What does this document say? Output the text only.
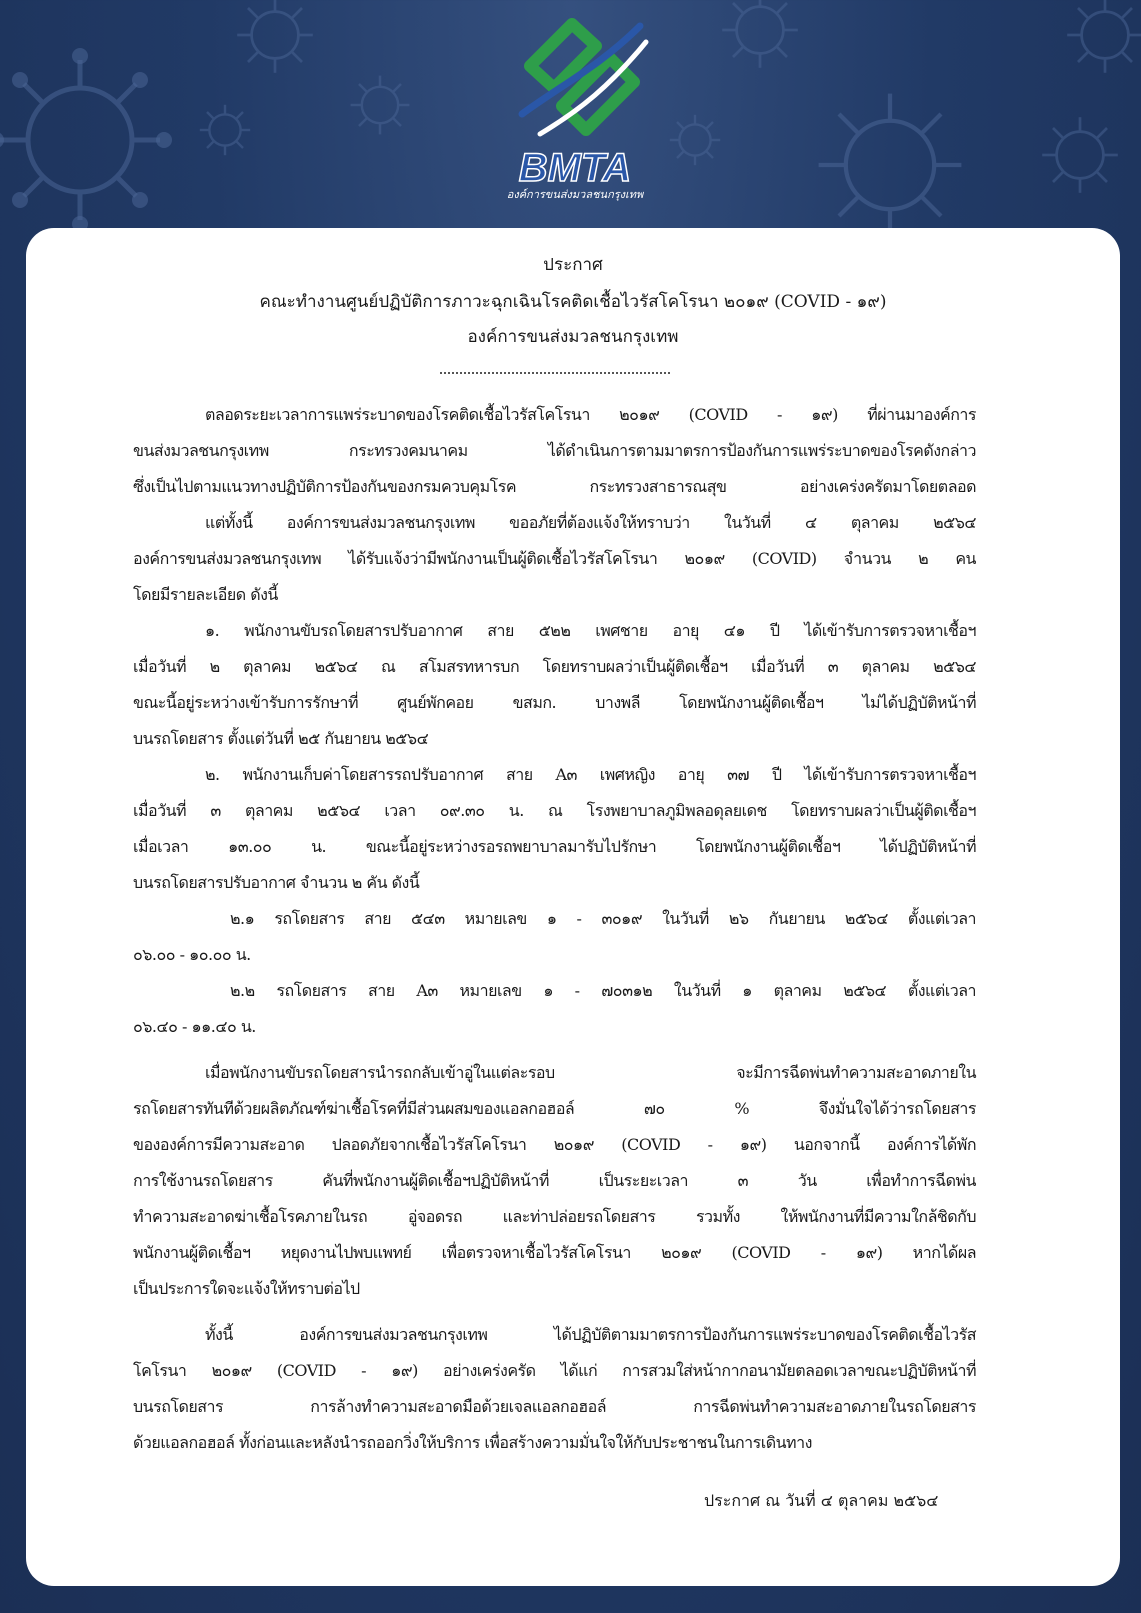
BMTA
องค์การขนส่งมวลชนกรุงเทพ
ประกาศ
คณะทำงานศูนย์ปฏิบัติการภาวะฉุกเฉินโรคติดเชื้อไวรัสโคโรนา ๒๐๑๙ (COVID - ๑๙)
องค์การขนส่งมวลชนกรุงเทพ
ตลอดระยะเวลาการแพร่ระบาดของโรคติดเชื้อไวรัสโคโรนา ๒๐๑๙ (COVID - ๑๙) ที่ผ่านมาองค์การ
ขนส่งมวลชนกรุงเทพ กระทรวงคมนาคม ได้ดำเนินการตามมาตรการป้องกันการแพร่ระบาดของโรคดังกล่าว
ซึ่งเป็นไปตามแนวทางปฏิบัติการป้องกันของกรมควบคุมโรค กระทรวงสาธารณสุข อย่างเคร่งครัดมาโดยตลอด
แต่ทั้งนี้ องค์การขนส่งมวลชนกรุงเทพ ขออภัยที่ต้องแจ้งให้ทราบว่า ในวันที่ ๔ ตุลาคม ๒๕๖๔
องค์การขนส่งมวลชนกรุงเทพ ได้รับแจ้งว่ามีพนักงานเป็นผู้ติดเชื้อไวรัสโคโรนา ๒๐๑๙ (COVID) จำนวน ๒ คน
โดยมีรายละเอียด ดังนี้
๑. พนักงานขับรถโดยสารปรับอากาศ สาย ๕๒๒ เพศชาย อายุ ๔๑ ปี ได้เข้ารับการตรวจหาเชื้อฯ
เมื่อวันที่ ๒ ตุลาคม ๒๕๖๔ ณ สโมสรทหารบก โดยทราบผลว่าเป็นผู้ติดเชื้อฯ เมื่อวันที่ ๓ ตุลาคม ๒๕๖๔
ขณะนี้อยู่ระหว่างเข้ารับการรักษาที่ ศูนย์พักคอย ขสมก. บางพลี โดยพนักงานผู้ติดเชื้อฯ ไม่ได้ปฏิบัติหน้าที่
บนรถโดยสาร ตั้งแต่วันที่ ๒๕ กันยายน ๒๕๖๔
๒. พนักงานเก็บค่าโดยสารรถปรับอากาศ สาย A๓ เพศหญิง อายุ ๓๗ ปี ได้เข้ารับการตรวจหาเชื้อฯ
เมื่อวันที่ ๓ ตุลาคม ๒๕๖๔ เวลา ๐๙.๓๐ น. ณ โรงพยาบาลภูมิพลอดุลยเดช โดยทราบผลว่าเป็นผู้ติดเชื้อฯ
เมื่อเวลา ๑๓.๐๐ น. ขณะนี้อยู่ระหว่างรอรถพยาบาลมารับไปรักษา โดยพนักงานผู้ติดเชื้อฯ ได้ปฏิบัติหน้าที่
บนรถโดยสารปรับอากาศ จำนวน ๒ คัน ดังนี้
๒.๑ รถโดยสาร สาย ๕๔๓ หมายเลข ๑ - ๓๐๑๙ ในวันที่ ๒๖ กันยายน ๒๕๖๔ ตั้งแต่เวลา
๐๖.๐๐ - ๑๐.๐๐ น.
๒.๒ รถโดยสาร สาย A๓ หมายเลข ๑ - ๗๐๓๑๒ ในวันที่ ๑ ตุลาคม ๒๕๖๔ ตั้งแต่เวลา
๐๖.๔๐ - ๑๑.๔๐ น.
เมื่อพนักงานขับรถโดยสารนำรถกลับเข้าอู่ในแต่ละรอบ จะมีการฉีดพ่นทำความสะอาดภายใน
รถโดยสารทันทีด้วยผลิตภัณฑ์ฆ่าเชื้อโรคที่มีส่วนผสมของแอลกอฮอล์ ๗๐ % จึงมั่นใจได้ว่ารถโดยสาร
ขององค์การมีความสะอาด ปลอดภัยจากเชื้อไวรัสโคโรนา ๒๐๑๙ (COVID - ๑๙) นอกจากนี้ องค์การได้พัก
การใช้งานรถโดยสาร คันที่พนักงานผู้ติดเชื้อฯปฏิบัติหน้าที่ เป็นระยะเวลา ๓ วัน เพื่อทำการฉีดพ่น
ทำความสะอาดฆ่าเชื้อโรคภายในรถ อู่จอดรถ และท่าปล่อยรถโดยสาร รวมทั้ง ให้พนักงานที่มีความใกล้ชิดกับ
พนักงานผู้ติดเชื้อฯ หยุดงานไปพบแพทย์ เพื่อตรวจหาเชื้อไวรัสโคโรนา ๒๐๑๙ (COVID - ๑๙) หากได้ผล
เป็นประการใดจะแจ้งให้ทราบต่อไป
ทั้งนี้ องค์การขนส่งมวลชนกรุงเทพ ได้ปฏิบัติตามมาตรการป้องกันการแพร่ระบาดของโรคติดเชื้อไวรัส
โคโรนา ๒๐๑๙ (COVID - ๑๙) อย่างเคร่งครัด ได้แก่ การสวมใส่หน้ากากอนามัยตลอดเวลาขณะปฏิบัติหน้าที่
บนรถโดยสาร การล้างทำความสะอาดมือด้วยเจลแอลกอฮอล์ การฉีดพ่นทำความสะอาดภายในรถโดยสาร
ด้วยแอลกอฮอล์ ทั้งก่อนและหลังนำรถออกวิ่งให้บริการ เพื่อสร้างความมั่นใจให้กับประชาชนในการเดินทาง
ประกาศ ณ วันที่ ๔ ตุลาคม ๒๕๖๔
